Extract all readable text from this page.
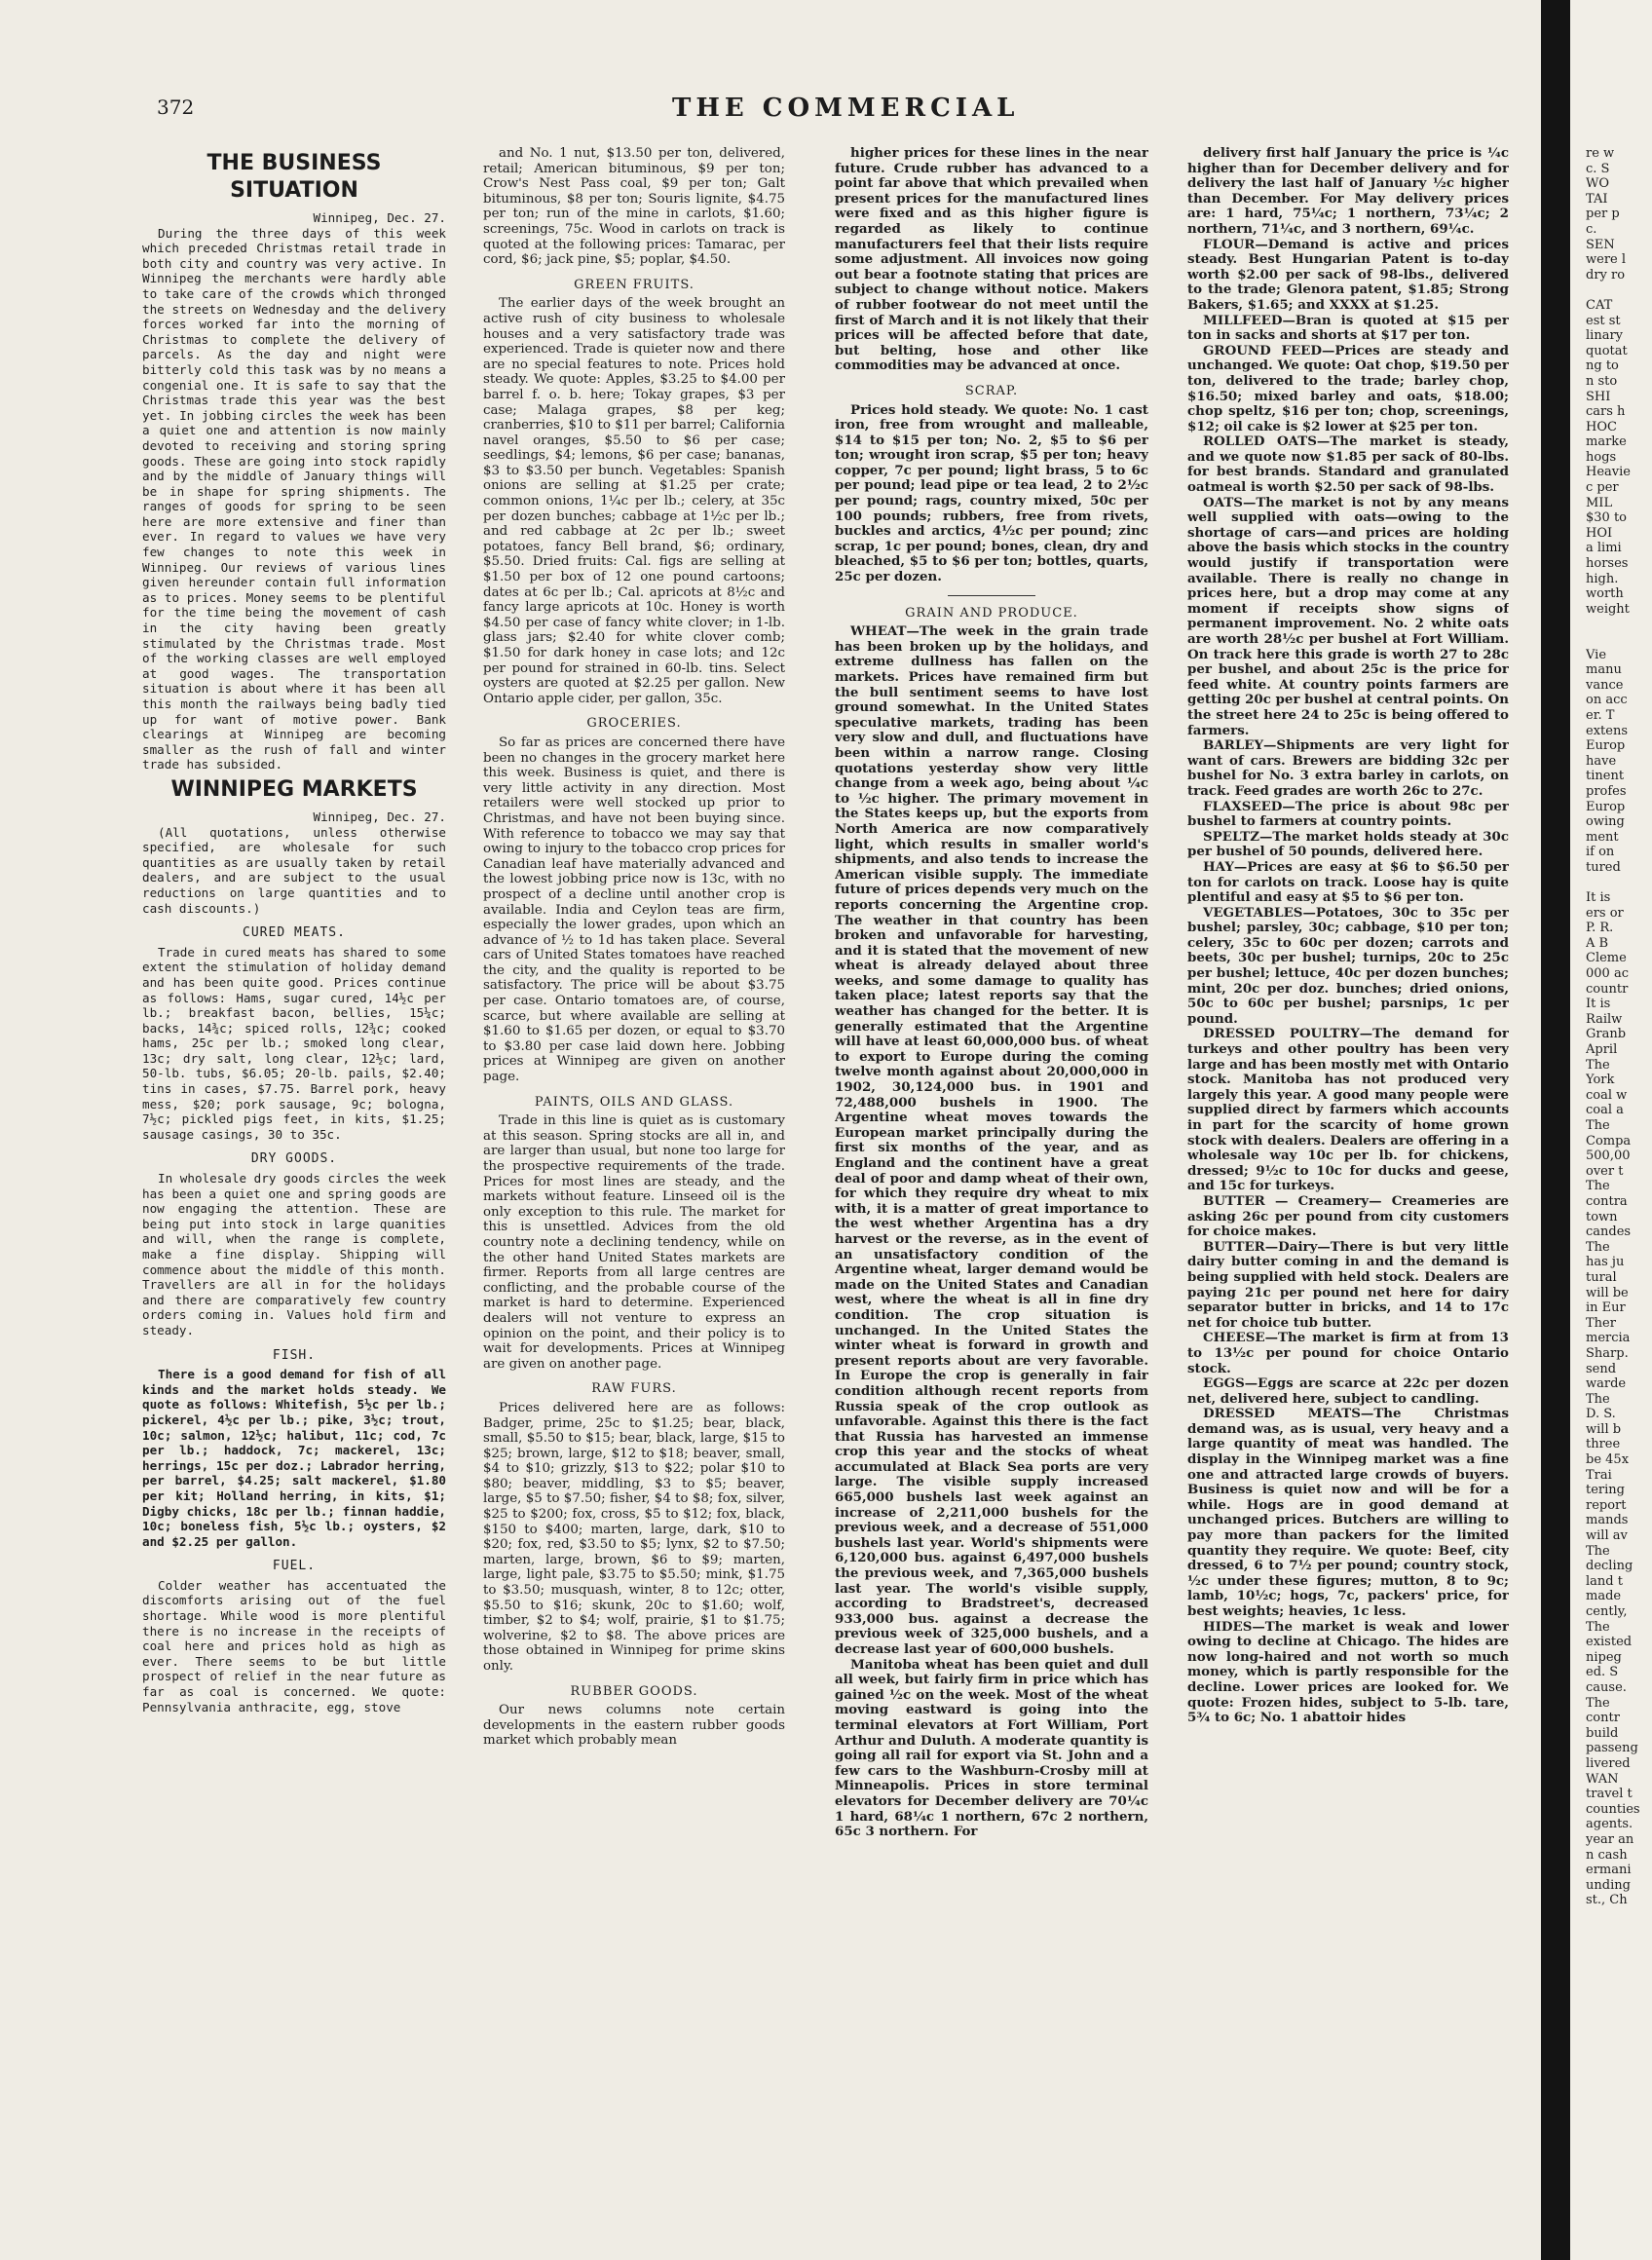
372	THE COMMERCIAL
THE BUSINESS SITUATION

Winnipeg, Dec. 27.

During the three days of this week which preceded Christmas retail trade in both city and country was very active. In Winnipeg the merchants were hardly able to take care of the crowds which thronged the streets on Wednesday and the delivery forces worked far into the morning of Christmas to complete the delivery of parcels. As the day and night were bitterly cold this task was by no means a congenial one. It is safe to say that the Christmas trade this year was the best yet. In jobbing circles the week has been a quiet one and attention is now mainly devoted to receiving and storing spring goods. These are going into stock rapidly and by the middle of January things will be in shape for spring shipments. The ranges of goods for spring to be seen here are more extensive and finer than ever. In regard to values we have very few changes to note this week in Winnipeg. Our reviews of various lines given hereunder contain full information as to prices. Money seems to be plentiful for the time being the movement of cash in the city having been greatly stimulated by the Christmas trade. Most of the working classes are well employed at good wages. The transportation situation is about where it has been all this month the railways being badly tied up for want of motive power. Bank clearings at Winnipeg are becoming smaller as the rush of fall and winter trade has subsided.

WINNIPEG MARKETS

Winnipeg, Dec. 27.

(All quotations, unless otherwise specified, are wholesale for such quantities as are usually taken by retail dealers, and are subject to the usual reductions on large quantities and to cash discounts.)

CURED MEATS.

Trade in cured meats has shared to some extent the stimulation of holiday demand and has been quite good. Prices continue as follows: Hams, sugar cured, 14½c per lb.; breakfast bacon, bellies, 15¼c; backs, 14¾c; spiced rolls, 12¾c; cooked hams, 25c per lb.; smoked long clear, 13c; dry salt, long clear, 12½c; lard, 50-lb. tubs, $6.05; 20-lb. pails, $2.40; tins in cases, $7.75. Barrel pork, heavy mess, $20; pork sausage, 9c; bologna, 7½c; pickled pigs feet, in kits, $1.25; sausage casings, 30 to 35c.

DRY GOODS.

In wholesale dry goods circles the week has been a quiet one and spring goods are now engaging the attention. These are being put into stock in large quanities and will, when the range is complete, make a fine display. Shipping will commence about the middle of this month. Travellers are all in for the holidays and there are comparatively few country orders coming in. Values hold firm and steady.

FISH.

There is a good demand for fish of all kinds and the market holds steady. We quote as follows: Whitefish, 5½c per lb.; pickerel, 4½c per lb.; pike, 3½c; trout, 10c; salmon, 12½c; halibut, 11c; cod, 7c per lb.; haddock, 7c; mackerel, 13c; herrings, 15c per doz.; Labrador herring, per barrel, $4.25; salt mackerel, $1.80 per kit; Holland herring, in kits, $1; Digby chicks, 18c per lb.; finnan haddie, 10c; boneless fish, 5½c lb.; oysters, $2 and $2.25 per gallon.

FUEL.

Colder weather has accentuated the discomforts arising out of the fuel shortage. While wood is more plentiful there is no increase in the receipts of coal here and prices hold as high as ever. There seems to be but little prospect of relief in the near future as far as coal is concerned. We quote: Pennsylvania anthracite, egg, stove

and No. 1 nut, $13.50 per ton, delivered, retail; American bituminous, $9 per ton; Crow's Nest Pass coal, $9 per ton; Galt bituminous, $8 per ton; Souris lignite, $4.75 per ton; run of the mine in carlots, $1.60; screenings, 75c. Wood in carlots on track is quoted at the following prices: Tamarac, per cord, $6; jack pine, $5; poplar, $4.50.

GREEN FRUITS.

The earlier days of the week brought an active rush of city business to wholesale houses and a very satisfactory trade was experienced. Trade is quieter now and there are no special features to note. Prices hold steady. We quote: Apples, $3.25 to $4.00 per barrel f. o. b. here; Tokay grapes, $3 per case; Malaga grapes, $8 per keg; cranberries, $10 to $11 per barrel; California navel oranges, $5.50 to $6 per case; seedlings, $4; lemons, $6 per case; bananas, $3 to $3.50 per bunch. Vegetables: Spanish onions are selling at $1.25 per crate; common onions, 1¼c per lb.; celery, at 35c per dozen bunches; cabbage at 1½c per lb.; and red cabbage at 2c per lb.; sweet potatoes, fancy Bell brand, $6; ordinary, $5.50. Dried fruits: Cal. figs are selling at $1.50 per box of 12 one pound cartoons; dates at 6c per lb.; Cal. apricots at 8½c and fancy large apricots at 10c. Honey is worth $4.50 per case of fancy white clover; in 1-lb. glass jars; $2.40 for white clover comb; $1.50 for dark honey in case lots; and 12c per pound for strained in 60-lb. tins. Select oysters are quoted at $2.25 per gallon. New Ontario apple cider, per gallon, 35c.

GROCERIES.

So far as prices are concerned there have been no changes in the grocery market here this week. Business is quiet, and there is very little activity in any direction. Most retailers were well stocked up prior to Christmas, and have not been buying since. With reference to tobacco we may say that owing to injury to the tobacco crop prices for Canadian leaf have materially advanced and the lowest jobbing price now is 13c, with no prospect of a decline until another crop is available. India and Ceylon teas are firm, especially the lower grades, upon which an advance of ½ to 1d has taken place. Several cars of United States tomatoes have reached the city, and the quality is reported to be satisfactory. The price will be about $3.75 per case. Ontario tomatoes are, of course, scarce, but where available are selling at $1.60 to $1.65 per dozen, or equal to $3.70 to $3.80 per case laid down here. Jobbing prices at Winnipeg are given on another page.

PAINTS, OILS AND GLASS.

Trade in this line is quiet as is customary at this season. Spring stocks are all in, and are larger than usual, but none too large for the prospective requirements of the trade. Prices for most lines are steady, and the markets without feature. Linseed oil is the only exception to this rule. The market for this is unsettled. Advices from the old country note a declining tendency, while on the other hand United States markets are firmer. Reports from all large centres are conflicting, and the probable course of the market is hard to determine. Experienced dealers will not venture to express an opinion on the point, and their policy is to wait for developments. Prices at Winnipeg are given on another page.

RAW FURS.

Prices delivered here are as follows: Badger, prime, 25c to $1.25; bear, black, small, $5.50 to $15; bear, black, large, $15 to $25; brown, large, $12 to $18; beaver, small, $4 to $10; grizzly, $13 to $22; polar $10 to $80; beaver, middling, $3 to $5; beaver, large, $5 to $7.50; fisher, $4 to $8; fox, silver, $25 to $200; fox, cross, $5 to $12; fox, black, $150 to $400; marten, large, dark, $10 to $20; fox, red, $3.50 to $5; lynx, $2 to $7.50; marten, large, brown, $6 to $9; marten, large, light pale, $3.75 to $5.50; mink, $1.75 to $3.50; musquash, winter, 8 to 12c; otter, $5.50 to $16; skunk, 20c to $1.60; wolf, timber, $2 to $4; wolf, prairie, $1 to $1.75; wolverine, $2 to $8. The above prices are those obtained in Winnipeg for prime skins only.

RUBBER GOODS.

Our news columns note certain developments in the eastern rubber goods market which probably mean

higher prices for these lines in the near future. Crude rubber has advanced to a point far above that which prevailed when present prices for the manufactured lines were fixed and as this higher figure is regarded as likely to continue manufacturers feel that their lists require some adjustment. All invoices now going out bear a footnote stating that prices are subject to change without notice. Makers of rubber footwear do not meet until the first of March and it is not likely that their prices will be affected before that date, but belting, hose and other like commodities may be advanced at once.

SCRAP.

Prices hold steady. We quote: No. 1 cast iron, free from wrought and malleable, $14 to $15 per ton; No. 2, $5 to $6 per ton; wrought iron scrap, $5 per ton; heavy copper, 7c per pound; light brass, 5 to 6c per pound; lead pipe or tea lead, 2 to 2½c per pound; rags, country mixed, 50c per 100 pounds; rubbers, free from rivets, buckles and arctics, 4½c per pound; zinc scrap, 1c per pound; bones, clean, dry and bleached, $5 to $6 per ton; bottles, quarts, 25c per dozen.

GRAIN AND PRODUCE.

WHEAT—The week in the grain trade has been broken up by the holidays, and extreme dullness has fallen on the markets. Prices have remained firm but the bull sentiment seems to have lost ground somewhat. In the United States speculative markets, trading has been very slow and dull, and fluctuations have been within a narrow range. Closing quotations yesterday show very little change from a week ago, being about ¼c to ½c higher. The primary movement in the States keeps up, but the exports from North America are now comparatively light, which results in smaller world's shipments, and also tends to increase the American visible supply. The immediate future of prices depends very much on the reports concerning the Argentine crop. The weather in that country has been broken and unfavorable for harvesting, and it is stated that the movement of new wheat is already delayed about three weeks, and some damage to quality has taken place; latest reports say that the weather has changed for the better. It is generally estimated that the Argentine will have at least 60,000,000 bus. of wheat to export to Europe during the coming twelve month against about 20,000,000 in 1902, 30,124,000 bus. in 1901 and 72,488,000 bushels in 1900. The Argentine wheat moves towards the European market principally during the first six months of the year, and as England and the continent have a great deal of poor and damp wheat of their own, for which they require dry wheat to mix with, it is a matter of great importance to the west whether Argentina has a dry harvest or the reverse, as in the event of an unsatisfactory condition of the Argentine wheat, larger demand would be made on the United States and Canadian west, where the wheat is all in fine dry condition. The crop situation is unchanged. In the United States the winter wheat is forward in growth and present reports about are very favorable. In Europe the crop is generally in fair condition although recent reports from Russia speak of the crop outlook as unfavorable. Against this there is the fact that Russia has harvested an immense crop this year and the stocks of wheat accumulated at Black Sea ports are very large. The visible supply increased 665,000 bushels last week against an increase of 2,211,000 bushels for the previous week, and a decrease of 551,000 bushels last year. World's shipments were 6,120,000 bus. against 6,497,000 bushels the previous week, and 7,365,000 bushels last year. The world's visible supply, according to Bradstreet's, decreased 933,000 bus. against a decrease the previous week of 325,000 bushels, and a decrease last year of 600,000 bushels.

Manitoba wheat has been quiet and dull all week, but fairly firm in price which has gained ½c on the week. Most of the wheat moving eastward is going into the terminal elevators at Fort William, Port Arthur and Duluth. A moderate quantity is going all rail for export via St. John and a few cars to the Washburn-Crosby mill at Minneapolis. Prices in store terminal elevators for December delivery are 70¼c 1 hard, 68¼c 1 northern, 67c 2 northern, 65c 3 northern. For

delivery first half January the price is ¼c higher than for December delivery and for delivery the last half of January ½c higher than December. For May delivery prices are: 1 hard, 75¼c; 1 northern, 73¼c; 2 northern, 71¼c, and 3 northern, 69¼c.

FLOUR—Demand is active and prices steady. Best Hungarian Patent is to-day worth $2.00 per sack of 98-lbs., delivered to the trade; Glenora patent, $1.85; Strong Bakers, $1.65; and XXXX at $1.25.

MILLFEED—Bran is quoted at $15 per ton in sacks and shorts at $17 per ton.

GROUND FEED—Prices are steady and unchanged. We quote: Oat chop, $19.50 per ton, delivered to the trade; barley chop, $16.50; mixed barley and oats, $18.00; chop speltz, $16 per ton; chop, screenings, $12; oil cake is $2 lower at $25 per ton.

ROLLED OATS—The market is steady, and we quote now $1.85 per sack of 80-lbs. for best brands. Standard and granulated oatmeal is worth $2.50 per sack of 98-lbs.

OATS—The market is not by any means well supplied with oats—owing to the shortage of cars—and prices are holding above the basis which stocks in the country would justify if transportation were available. There is really no change in prices here, but a drop may come at any moment if receipts show signs of permanent improvement. No. 2 white oats are worth 28½c per bushel at Fort William. On track here this grade is worth 27 to 28c per bushel, and about 25c is the price for feed white. At country points farmers are getting 20c per bushel at central points. On the street here 24 to 25c is being offered to farmers.

BARLEY—Shipments are very light for want of cars. Brewers are bidding 32c per bushel for No. 3 extra barley in carlots, on track. Feed grades are worth 26c to 27c.

FLAXSEED—The price is about 98c per bushel to farmers at country points.

SPELTZ—The market holds steady at 30c per bushel of 50 pounds, delivered here.

HAY—Prices are easy at $6 to $6.50 per ton for carlots on track. Loose hay is quite plentiful and easy at $5 to $6 per ton.

VEGETABLES—Potatoes, 30c to 35c per bushel; parsley, 30c; cabbage, $10 per ton; celery, 35c to 60c per dozen; carrots and beets, 30c per bushel; turnips, 20c to 25c per bushel; lettuce, 40c per dozen bunches; mint, 20c per doz. bunches; dried onions, 50c to 60c per bushel; parsnips, 1c per pound.

DRESSED POULTRY—The demand for turkeys and other poultry has been very large and has been mostly met with Ontario stock. Manitoba has not produced very largely this year. A good many people were supplied direct by farmers which accounts in part for the scarcity of home grown stock with dealers. Dealers are offering in a wholesale way 10c per lb. for chickens, dressed; 9½c to 10c for ducks and geese, and 15c for turkeys.

BUTTER — Creamery— Creameries are asking 26c per pound from city customers for choice makes.

BUTTER—Dairy—There is but very little dairy butter coming in and the demand is being supplied with held stock. Dealers are paying 21c per pound net here for dairy separator butter in bricks, and 14 to 17c net for choice tub butter.

CHEESE—The market is firm at from 13 to 13½c per pound for choice Ontario stock.

EGGS—Eggs are scarce at 22c per dozen net, delivered here, subject to candling.

DRESSED MEATS—The Christmas demand was, as is usual, very heavy and a large quantity of meat was handled. The display in the Winnipeg market was a fine one and attracted large crowds of buyers. Business is quiet now and will be for a while. Hogs are in good demand at unchanged prices. Butchers are willing to pay more than packers for the limited quantity they require. We quote: Beef, city dressed, 6 to 7½ per pound; country stock, ½c under these figures; mutton, 8 to 9c; lamb, 10½c; hogs, 7c, packers' price, for best weights; heavies, 1c less.

HIDES—The market is weak and lower owing to decline at Chicago. The hides are now long-haired and not worth so much money, which is partly responsible for the decline. Lower prices are looked for. We quote: Frozen hides, subject to 5-lb. tare, 5¾ to 6c; No. 1 abattoir hides

re w
c. S
WO
TAI
per p
c.
SEN
were l
dry ro
CAT
est st
linary
quotat
ng to
n sto
SHI
cars h
HOC
marke
hogs
Heavie
c per
MIL
$30 to
HOI
a limi
horses
high.
worth
weight
Vie
manu
vance
on acc
er. T
extens
Europ
have
tinent
profes
Europ
owing
ment
if on
tured
It is
ers or
P. R.
A B
Cleme
000 ac
countr
It is
Railw
Granb
April
The
York
coal w
coal a
The
Compa
500,00
over t
The
contra
town
candes
The
has ju
tural
will be
in Eur
Ther
mercia
Sharp.
send
warde
The
D. S.
will b
three
be 45x
Trai
tering
report
mands
will av
The
decling
land t
made
cently,
The
existed
nipeg
ed. S
cause.
The
contr
build
passeng
livered
WAN
travel t
counties
agents.
year an
n cash
ermani
unding
st., Ch
